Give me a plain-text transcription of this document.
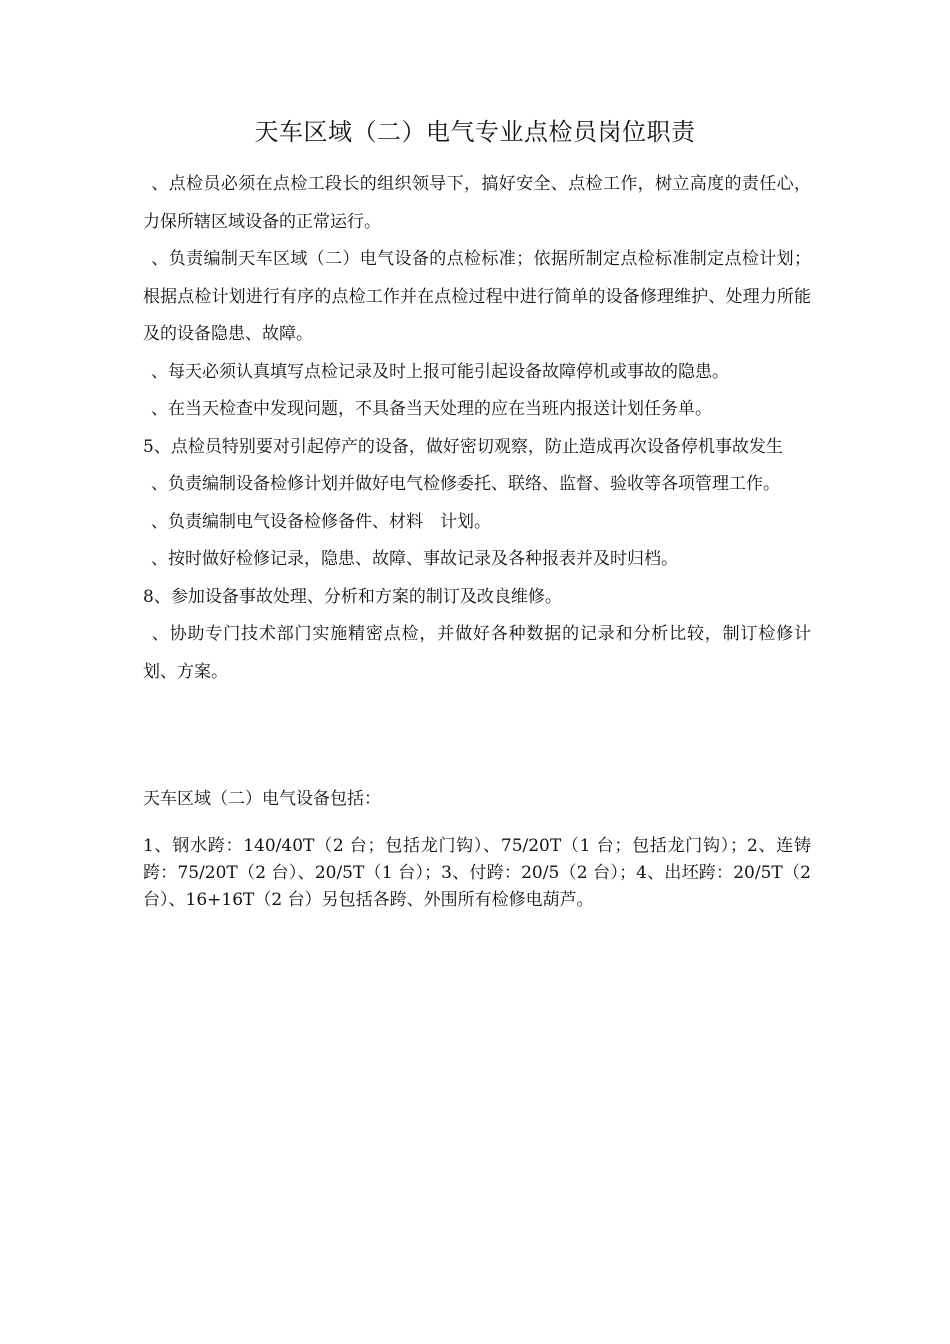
天车区域（二）电气专业点检员岗位职责

、点检员必须在点检工段长的组织领导下，搞好安全、点检工作，树立高度的责任心，力保所辖区域设备的正常运行。

、负责编制天车区域（二）电气设备的点检标准；依据所制定点检标准制定点检计划；根据点检计划进行有序的点检工作并在点检过程中进行简单的设备修理维护、处理力所能及的设备隐患、故障。

、每天必须认真填写点检记录及时上报可能引起设备故障停机或事故的隐患。

、在当天检查中发现问题，不具备当天处理的应在当班内报送计划任务单。

5、点检员特别要对引起停产的设备，做好密切观察，防止造成再次设备停机事故发生

、负责编制设备检修计划并做好电气检修委托、联络、监督、验收等各项管理工作。

、负责编制电气设备检修备件、材料　计划。

、按时做好检修记录，隐患、故障、事故记录及各种报表并及时归档。

8、参加设备事故处理、分析和方案的制订及改良维修。

、协助专门技术部门实施精密点检，并做好各种数据的记录和分析比较，制订检修计划、方案。

天车区域（二）电气设备包括：
1、钢水跨：140/40T（2 台；包括龙门钩）、75/20T（1 台；包括龙门钩）；2、连铸跨：75/20T（2 台）、20/5T（1 台）；3、付跨：20/5（2 台）；4、出坯跨：20/5T（2 台）、16+16T（2 台）另包括各跨、外围所有检修电葫芦。
